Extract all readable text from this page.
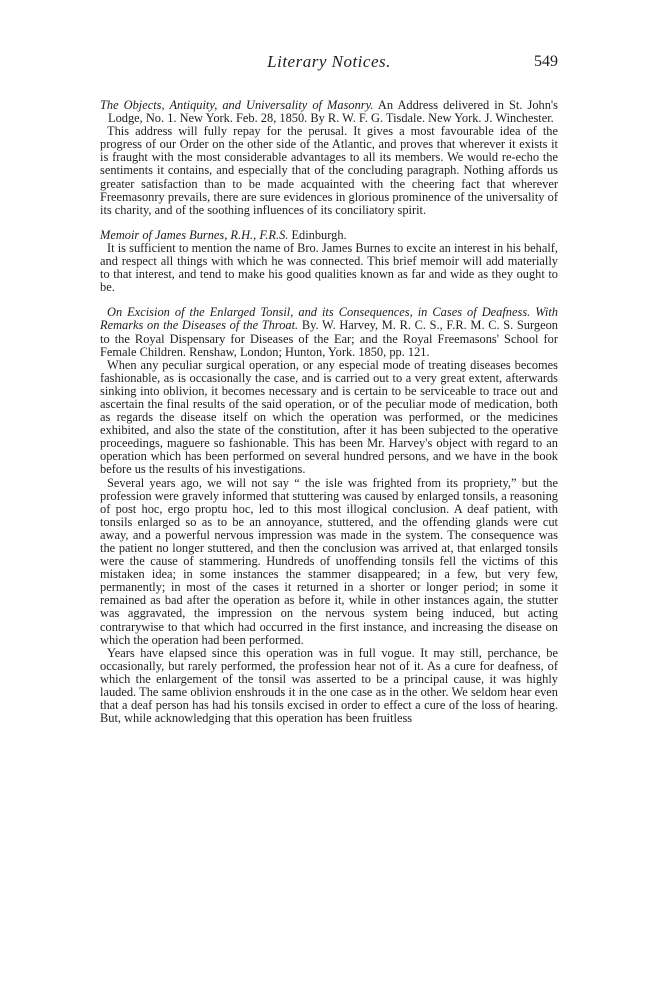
Literary Notices.	549

The Objects, Antiquity, and Universality of Masonry. An Address delivered in St. John's Lodge, No. 1. New York. Feb. 28, 1850. By R. W. F. G. Tisdale. New York. J. Winchester.

This address will fully repay for the perusal. It gives a most favourable idea of the progress of our Order on the other side of the Atlantic, and proves that wherever it exists it is fraught with the most considerable advantages to all its members. We would re-echo the sentiments it contains, and especially that of the concluding paragraph. Nothing affords us greater satisfaction than to be made acquainted with the cheering fact that wherever Freemasonry prevails, there are sure evidences in glorious prominence of the universality of its charity, and of the soothing influences of its conciliatory spirit.

Memoir of James Burnes, R.H., F.R.S. Edinburgh.

It is sufficient to mention the name of Bro. James Burnes to excite an interest in his behalf, and respect all things with which he was connected. This brief memoir will add materially to that interest, and tend to make his good qualities known as far and wide as they ought to be.

On Excision of the Enlarged Tonsil, and its Consequences, in Cases of Deafness. With Remarks on the Diseases of the Throat. By. W. Harvey, M. R. C. S., F.R. M. C. S. Surgeon to the Royal Dispensary for Diseases of the Ear; and the Royal Freemasons' School for Female Children. Renshaw, London; Hunton, York. 1850, pp. 121.

When any peculiar surgical operation, or any especial mode of treating diseases becomes fashionable, as is occasionally the case, and is carried out to a very great extent, afterwards sinking into oblivion, it becomes necessary and is certain to be serviceable to trace out and ascertain the final results of the said operation, or of the peculiar mode of medication, both as regards the disease itself on which the operation was performed, or the medicines exhibited, and also the state of the constitution, after it has been subjected to the operative proceedings, maguere so fashionable. This has been Mr. Harvey's object with regard to an operation which has been performed on several hundred persons, and we have in the book before us the results of his investigations.

Several years ago, we will not say “ the isle was frighted from its propriety,” but the profession were gravely informed that stuttering was caused by enlarged tonsils, a reasoning of post hoc, ergo proptu hoc, led to this most illogical conclusion. A deaf patient, with tonsils enlarged so as to be an annoyance, stuttered, and the offending glands were cut away, and a powerful nervous impression was made in the system. The consequence was the patient no longer stuttered, and then the conclusion was arrived at, that enlarged tonsils were the cause of stammering. Hundreds of unoffending tonsils fell the victims of this mistaken idea; in some instances the stammer disappeared; in a few, but very few, permanently; in most of the cases it returned in a shorter or longer period; in some it remained as bad after the operation as before it, while in other instances again, the stutter was aggravated, the impression on the nervous system being induced, but acting contrarywise to that which had occurred in the first instance, and increasing the disease on which the operation had been performed.

Years have elapsed since this operation was in full vogue. It may still, perchance, be occasionally, but rarely performed, the profession hear not of it. As a cure for deafness, of which the enlargement of the tonsil was asserted to be a principal cause, it was highly lauded. The same oblivion enshrouds it in the one case as in the other. We seldom hear even that a deaf person has had his tonsils excised in order to effect a cure of the loss of hearing. But, while acknowledging that this operation has been fruitless
